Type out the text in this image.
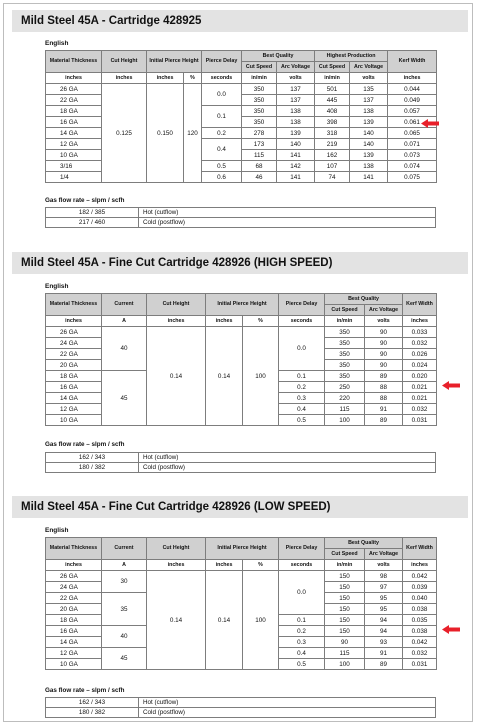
Mild Steel 45A - Cartridge 428925
English
Material Thickness	Cut Height	Initial Pierce Height		Pierce Delay	Best Quality		Highest Production		Kerf Width
					Cut Speed	Arc Voltage	Cut Speed	Arc Voltage	
inches	inches	inches	%	seconds	in/min	volts	in/min	volts	inches
26 GA	0.125	0.150	120	0.0	350	137	501	135	0.044
22 GA					350	137	445	137	0.049
18 GA				0.1	350	138	408	138	0.057
16 GA					350	138	398	139	0.061
14 GA				0.2	278	139	318	140	0.065
12 GA				0.4	173	140	219	140	0.071
10 GA					115	141	162	139	0.073
3/16				0.5	68	142	107	138	0.074
1/4				0.6	46	141	74	141	0.075
Gas flow rate – slpm / scfh
182 / 385	Hot (cutflow)
217 / 460	Cold (postflow)
Mild Steel 45A - Fine Cut Cartridge 428926 (HIGH SPEED)
English
Material Thickness	Current	Cut Height	Initial Pierce Height		Pierce Delay	Best Quality		Kerf Width
						Cut Speed	Arc Voltage	
inches	A	inches	inches	%	seconds	in/min	volts	inches
26 GA	40	0.14	0.14	100	0.0	350	90	0.033
24 GA						350	90	0.032
22 GA						350	90	0.026
20 GA						350	90	0.024
18 GA	45				0.1	350	89	0.020
16 GA					0.2	250	88	0.021
14 GA					0.3	220	88	0.021
12 GA					0.4	115	91	0.032
10 GA					0.5	100	89	0.031
Gas flow rate – slpm / scfh
162 / 343	Hot (cutflow)
180 / 382	Cold (postflow)
Mild Steel 45A - Fine Cut Cartridge 428926 (LOW SPEED)
English
Material Thickness	Current	Cut Height	Initial Pierce Height		Pierce Delay	Best Quality		Kerf Width
						Cut Speed	Arc Voltage	
inches	A	inches	inches	%	seconds	in/min	volts	inches
26 GA	30	0.14	0.14	100	0.0	150	98	0.042
24 GA						150	97	0.039
22 GA	35					150	95	0.040
20 GA						150	95	0.038
18 GA					0.1	150	94	0.035
16 GA	40				0.2	150	94	0.038
14 GA					0.3	90	93	0.042
12 GA	45				0.4	115	91	0.032
10 GA					0.5	100	89	0.031
Gas flow rate – slpm / scfh
162 / 343	Hot (cutflow)
180 / 382	Cold (postflow)
